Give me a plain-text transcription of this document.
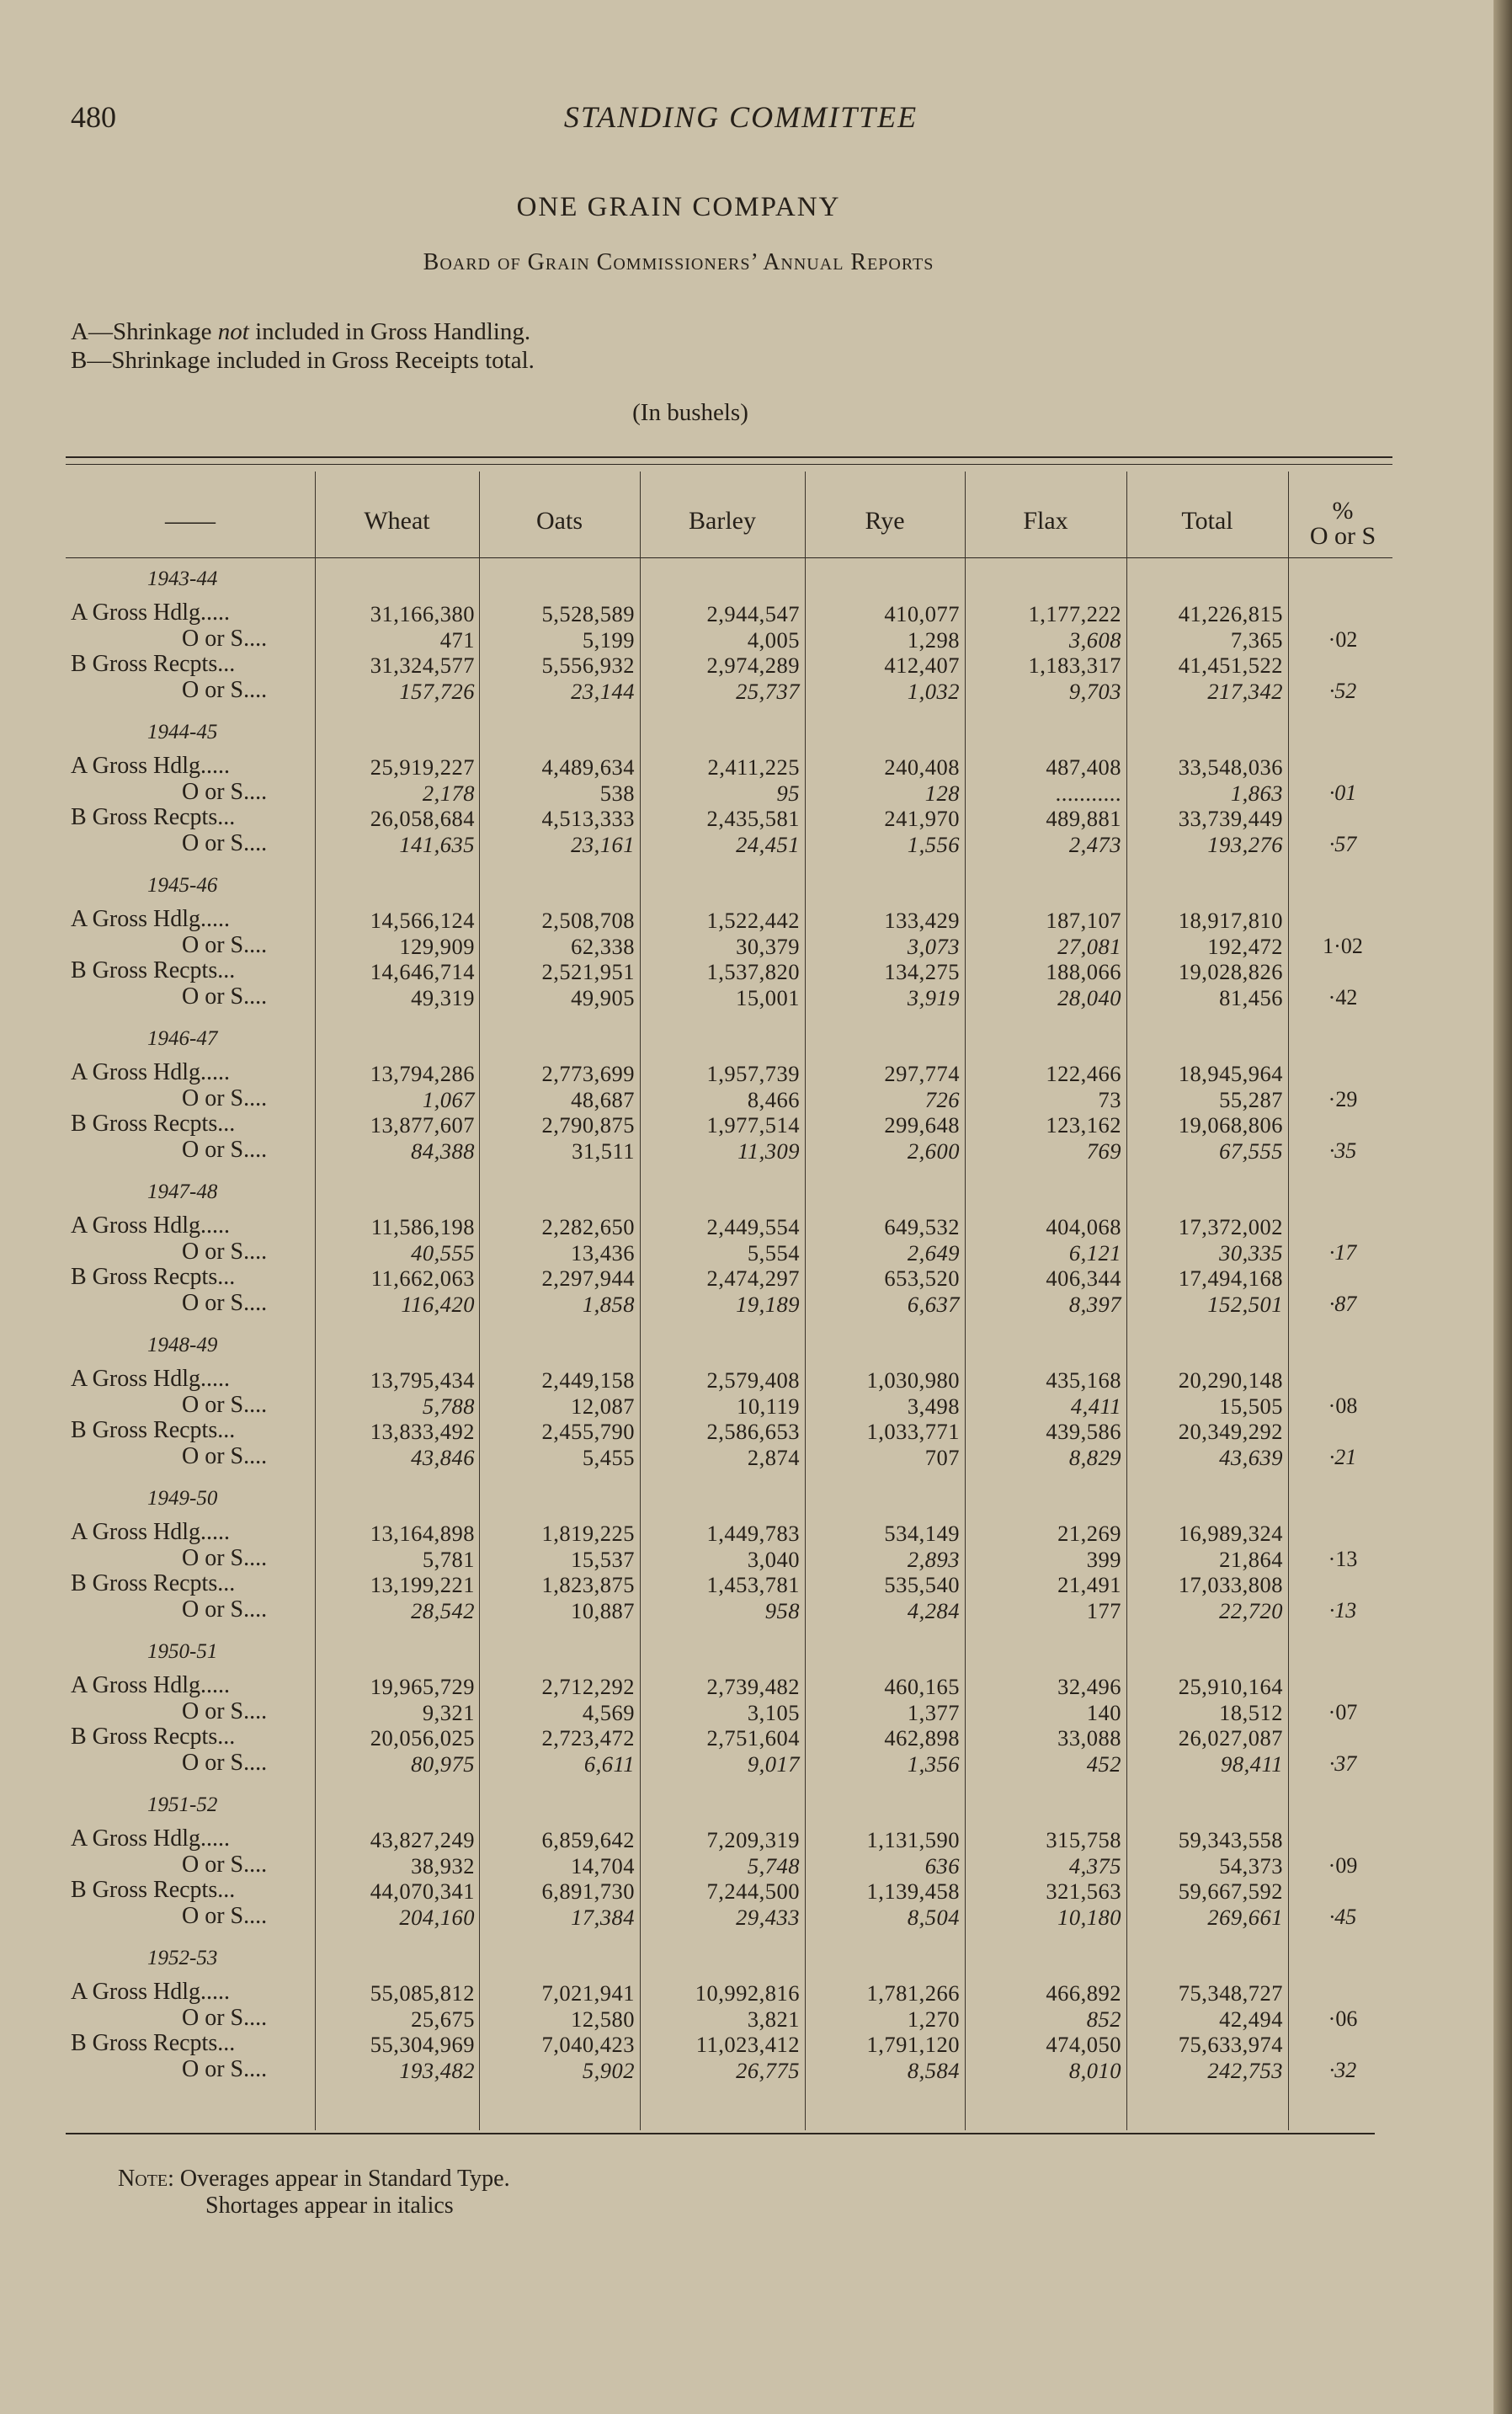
480	STANDING COMMITTEE
ONE GRAIN COMPANY
Board of Grain Commissioners’ Annual Reports
A—Shrinkage not included in Gross Handling.
B—Shrinkage included in Gross Receipts total.
(In bushels)
——	Wheat	Oats	Barley	Rye	Flax	Total	%
O or S
1943-44
A Gross Hdlg.....	31,166,380	5,528,589	2,944,547	410,077	1,177,222	41,226,815
O or S....	471	5,199	4,005	1,298	3,608	7,365	·02
B Gross Recpts...	31,324,577	5,556,932	2,974,289	412,407	1,183,317	41,451,522
O or S....	157,726	23,144	25,737	1,032	9,703	217,342	·52
1944-45
A Gross Hdlg.....	25,919,227	4,489,634	2,411,225	240,408	487,408	33,548,036
O or S....	2,178	538	95	128	...........	1,863	·01
B Gross Recpts...	26,058,684	4,513,333	2,435,581	241,970	489,881	33,739,449
O or S....	141,635	23,161	24,451	1,556	2,473	193,276	·57
1945-46
A Gross Hdlg.....	14,566,124	2,508,708	1,522,442	133,429	187,107	18,917,810
O or S....	129,909	62,338	30,379	3,073	27,081	192,472	1·02
B Gross Recpts...	14,646,714	2,521,951	1,537,820	134,275	188,066	19,028,826
O or S....	49,319	49,905	15,001	3,919	28,040	81,456	·42
1946-47
A Gross Hdlg.....	13,794,286	2,773,699	1,957,739	297,774	122,466	18,945,964
O or S....	1,067	48,687	8,466	726	73	55,287	·29
B Gross Recpts...	13,877,607	2,790,875	1,977,514	299,648	123,162	19,068,806
O or S....	84,388	31,511	11,309	2,600	769	67,555	·35
1947-48
A Gross Hdlg.....	11,586,198	2,282,650	2,449,554	649,532	404,068	17,372,002
O or S....	40,555	13,436	5,554	2,649	6,121	30,335	·17
B Gross Recpts...	11,662,063	2,297,944	2,474,297	653,520	406,344	17,494,168
O or S....	116,420	1,858	19,189	6,637	8,397	152,501	·87
1948-49
A Gross Hdlg.....	13,795,434	2,449,158	2,579,408	1,030,980	435,168	20,290,148
O or S....	5,788	12,087	10,119	3,498	4,411	15,505	·08
B Gross Recpts...	13,833,492	2,455,790	2,586,653	1,033,771	439,586	20,349,292
O or S....	43,846	5,455	2,874	707	8,829	43,639	·21
1949-50
A Gross Hdlg.....	13,164,898	1,819,225	1,449,783	534,149	21,269	16,989,324
O or S....	5,781	15,537	3,040	2,893	399	21,864	·13
B Gross Recpts...	13,199,221	1,823,875	1,453,781	535,540	21,491	17,033,808
O or S....	28,542	10,887	958	4,284	177	22,720	·13
1950-51
A Gross Hdlg.....	19,965,729	2,712,292	2,739,482	460,165	32,496	25,910,164
O or S....	9,321	4,569	3,105	1,377	140	18,512	·07
B Gross Recpts...	20,056,025	2,723,472	2,751,604	462,898	33,088	26,027,087
O or S....	80,975	6,611	9,017	1,356	452	98,411	·37
1951-52
A Gross Hdlg.....	43,827,249	6,859,642	7,209,319	1,131,590	315,758	59,343,558
O or S....	38,932	14,704	5,748	636	4,375	54,373	·09
B Gross Recpts...	44,070,341	6,891,730	7,244,500	1,139,458	321,563	59,667,592
O or S....	204,160	17,384	29,433	8,504	10,180	269,661	·45
1952-53
A Gross Hdlg.....	55,085,812	7,021,941	10,992,816	1,781,266	466,892	75,348,727
O or S....	25,675	12,580	3,821	1,270	852	42,494	·06
B Gross Recpts...	55,304,969	7,040,423	11,023,412	1,791,120	474,050	75,633,974
O or S....	193,482	5,902	26,775	8,584	8,010	242,753	·32
Note: Overages appear in Standard Type.
Shortages appear in italics
